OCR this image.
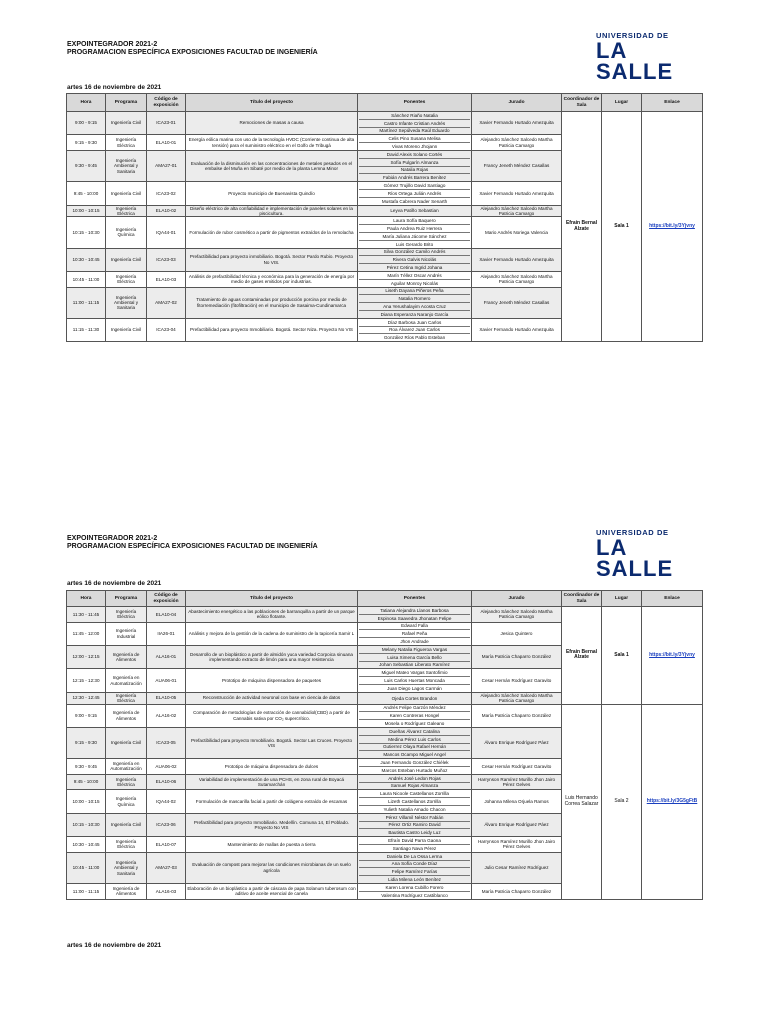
EXPOINTEGRADOR 2021-2
PROGRAMACION ESPECÍFICA EXPOSICIONES FACULTAD DE INGENIERÍA
UNIVERSIDAD DE
LA SALLE
artes 16 de noviembre de 2021
Hora	Programa	Código de exposición	Título del proyecto	Ponentes	Jurado	Coordinador de Sala	Lugar	Enlace
9:00 - 9:15	Ingeniería Civil	ICA23-01	Remociones de masas a causa	Sánchez Riaño Natalia
Castro Infante Cristian Andrés
Martínez Sepúlveda Raúl Eduardo	Xavier Fernando Hurtado Amezquita	Efraín Bernal Alzate	Sala 1	https://bit.ly/3Yjvny
9:15 - 9:30	Ingeniería Eléctrica	ELA10-01	Energía eólica marina con uso de la tecnología HVDC (Corriente continua de alta tensión) para el suministro eléctrico en el Golfo de Tribugá	Celis Pino Susana Melisa
Vivas Moreno Jhojann	Alejandro Sánchez Salcedo Martha Patricia Camargo			
9:30 - 9:45	Ingeniería Ambiental y Sanitaria	AMA27-01	Evaluación de la disminución en las concentraciones de metales pesados en el embalse del Muña en Sibaté por medio de la planta Lemna Minor	David Alexis Solano Cortés
Sofía Pulgarín Almanza
Natalia Rojas
Fabián Andrés Barrera Benítez	Francy Jeneth Méndez Casallas			
9:45 - 10:00	Ingeniería Civil	ICA23-02	Proyecto municipio de Buenavista Quindío	Gómez Trujillo David Santiago
Ríos Ortega Julián Andrés
Mustafa Cabrera Nader Senarth	Xavier Fernando Hurtado Amezquita			
10:00 - 10:15	Ingeniería Eléctrica	ELA10-02	Diseño eléctrico de alta confiabilidad e implementación de paneles solares en la piscicultura.	Leyva Patiño Sebastian	Alejandro Sánchez Salcedo Martha Patricia Camargo			
10:15 - 10:30	Ingeniería Química	IQA44-01	Formulación de rubor cosmético a partir de pigmentos extraídos de la remolacha	Laura Sofía Baquero
Paula Andrea Ruiz Herrera
María Juliana Jácome Sánchez
Luis Gerardo Brito	Mario Andrés Noriega Valencia			
10:30 - 10:45	Ingeniería Civil	ICA23-03	Prefactibilidad para proyecto inmobiliario. Bogotá. Sector Pardo Rubio. Proyecto No VIS.	Silva González Camilo Andrés
Rivera Galvis Nicolás
Pérez Cetina Ingrid Johana	Xavier Fernando Hurtado Amezquita			
10:45 - 11:00	Ingeniería Eléctrica	ELA10-03	Análisis de prefactibilidad técnica y económica para la generación de energía por medio de gases emitidos por industrias.	Marín Téllez Oscar Andrés
Aguilar Monroy Nicolás	Alejandro Sánchez Salcedo Martha Patricia Camargo			
11:00 - 11:15	Ingeniería Ambiental y Sanitaria	AMA27-02	Tratamiento de aguas contaminadas por producción porcina por medio de fitorremediación (fitofiltración) en el municipio de Sasaima-Cundinamarca	Liseth Dayana Piñeros Peña
Natalia Romero
Ana Yerushalayim Acosta Cruz
Diana Esperanza Naranjo García	Francy Jeneth Méndez Casallas			
11:15 - 11:30	Ingeniería Civil	ICA23-04	Prefactibilidad para proyecto Inmobiliario. Bogotá. Sector Niza. Proyecto No VIS	Díaz Barbosa Juan Carlos
Roa Álvarez Juan Carlos
González Ríos Pablo Esteban	Xavier Fernando Hurtado Amezquita			
EXPOINTEGRADOR 2021-2
PROGRAMACION ESPECÍFICA EXPOSICIONES FACULTAD DE INGENIERÍA
UNIVERSIDAD DE
LA SALLE
artes 16 de noviembre de 2021
Hora	Programa	Código de exposición	Título del proyecto	Ponentes	Jurado	Coordinador de Sala	Lugar	Enlace
11:30 - 11:45	Ingeniería Eléctrica	ELA10-04	Abastecimiento energético a las poblaciones de barranquilla a partir de un parque eólico flotante.	Tatiana Alejandra Llanos Barbosa
Espinosa Saavedra Jhonatan Felipe	Alejandro Sánchez Salcedo Martha Patricia Camargo	Efraín Bernal Alzate	Sala 1	https://bit.ly/3Yjvny
11:45 - 12:00	Ingeniería Industrial	IIA26-01	Análisis y mejora de la gestión de la cadena de suministro de la tapicería Samir L	Edward Falla
Rafael Peña
Jhon Andrade	Jesica Quintero			
12:00 - 12:15	Ingeniería de Alimentos	ALA16-01	Desarrollo de un bioplástico a partir de almidón yuca variedad Corpoica sinuana implementando extracto de limón para una mayor resistencia	Melany Natalia Figueroa Vargas
Luisa Ximena García Bello
Johan Sebastian Liberato Ramírez	María Patricia Chaparro González			
12:15 - 12:30	Ingeniería en Automatización	AUA06-01	Prototipo de máquina dispensadora de paquetes	Miguel Mateo Vargas Santofimio
Luis Carlos Huertas Moncada
Juan Diego Lagos Carmán	Cesar Hernán Rodríguez Garavito			
12:30 - 12:45	Ingeniería Eléctrica	ELA10-05	Reconstrucción de actividad neuronal con base en ciencia de datos	Ojeda Cortes Brandon	Alejandro Sánchez Salcedo Martha Patricia Camargo			
9:00 - 9:15	Ingeniería de Alimentos	ALA16-02	Comparación de metodologías de extracción de cannabidiol(CBD) a partir de Cannabis sativa por CO₂ supercrítico.	Andrés Felipe Garzón Méndez
Karen Contreras Hongel
Mosela o Rodríguez Galeano	María Patricia Chaparro González	Luis Hernando Correa Salazar	Sala 2	https://bit.ly/3G5gFtB
9:15 - 9:30	Ingeniería Civil	ICA23-05	Prefactibilidad para proyecto Inmobiliario. Bogotá. Sector Las Cruces. Proyecto VIS	Dueñas Álvarez Catalina
Medina Pérez Luis Carlos
Gutierrez Olaya Rafael Hernán
Mancos Ocampo Miguel Angel	Álvaro Enrique Rodríguez Páez			
9:30 - 9:45	Ingeniería en Automatización	AUA06-02	Prototipo de máquina dispensadora de dulces	Juan Fernando González Chiélek
Marcos Esteban Hurtado Muñoz	Cesar Hernán Rodríguez Garavito			
9:45 - 10:00	Ingeniería Eléctrica	ELA10-06	Variabilidad de implementación de una PCHS, en zona rural de Boyacá Sutamarchán	Andrés José Ledon Rojas
Samuel Rojas Almanza	Harrynson Ramírez Murillo Jhon Jairo Pérez Gelves			
10:00 - 10:15	Ingeniería Química	IQA44-02	Formulación de mascarilla facial a partir de colágeno extraído de escamas	Laura Nicoole Castellanos Zorrilla
Lizeth Castellanos Zorrilla
Yulieth Natalia Amado Chacon	Johanna Milena Orjuela Ramos			
10:15 - 10:30	Ingeniería Civil	ICA23-06	Prefactibilidad para proyecto Inmobiliario. Medellín. Comuna 14, El Poblado. Proyecto No VIS	Pérez Villamil Néstor Fabián
Pérez Ortiz Ramiro David
Bautista Castro Leidy Luz	Álvaro Enrique Rodríguez Páez			
10:30 - 10:45	Ingeniería Eléctrica	ELA10-07	Mantenimiento de mallas de puesta a tierra	Efraín David Parra Gaona
Santiago Nava Pérez	Harrynson Ramírez Murillo Jhon Jairo Pérez Gelves			
10:45 - 11:00	Ingeniería Ambiental y Sanitaria	AMA27-03	Evaluación de compost para mejorar las condiciones microbianas de un suelo agrícola	Daniela De La Ossa Lerma
Ana Sofía Conde Díaz
Felipe Ramírez Farías
Lidia Milena León Benítez	Julio Cesar Ramírez Rodríguez			
11:00 - 11:15	Ingeniería de Alimentos	ALA16-03	Elaboración de un bioplástico a partir de cáscara de papa Solanum tuberosum con aditivo de aceite esencial de canela	Karen Lorena Cubillo Forero
Valentina Rodríguez Castiblanco	María Patricia Chaparro González			
artes 16 de noviembre de 2021
